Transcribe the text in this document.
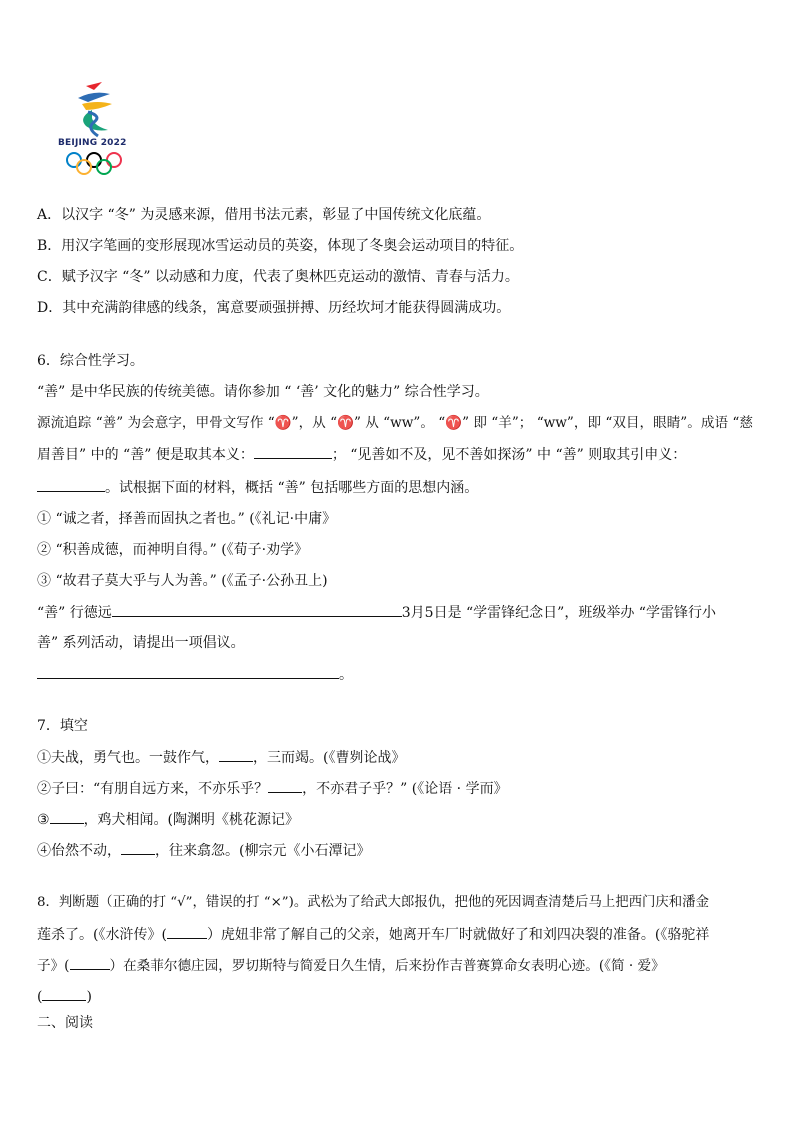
BEIJING 2022
A．以汉字 “冬” 为灵感来源，借用书法元素，彰显了中国传统文化底蕴。
B．用汉字笔画的变形展现冰雪运动员的英姿，体现了冬奥会运动项目的特征。
C．赋予汉字 “冬” 以动感和力度，代表了奥林匹克运动的激情、青春与活力。
D．其中充满韵律感的线条，寓意要顽强拼搏、历经坎坷才能获得圆满成功。
6．综合性学习。
“善” 是中华民族的传统美德。请你参加 “ ‘善’ 文化的魅力” 综合性学习。
源流追踪 “善” 为会意字，甲骨文写作 “♈”，从 “♈” 从 “ww”。 “♈” 即 “羊”； “ww”，即 “双目，眼睛”。成语 “慈
眉善目” 中的 “善” 便是取其本义：	； “见善如不及，见不善如探汤” 中 “善” 则取其引申义：
。试根据下面的材料，概括 “善” 包括哪些方面的思想内涵。
① “诚之者，择善而固执之者也。” (《礼记·中庸》
② “积善成德，而神明自得。” (《荀子·劝学》
③ “故君子莫大乎与人为善。” (《孟子·公孙丑上)
“善” 行德远	3月5日是 “学雷锋纪念日”，班级举办 “学雷锋行小
善” 系列活动，请提出一项倡议。
。
7．填空
①夫战，勇气也。一鼓作气， ，三而竭。(《曹刿论战》
②子曰：“有朋自远方来，不亦乐乎？ ，不亦君子乎？” (《论语 · 学而》
③ ，鸡犬相闻。(陶渊明《桃花源记》
④佁然不动， ，往来翕忽。(柳宗元《小石潭记》
8．判断题（正确的打 “√”，错误的打 “×”)。武松为了给武大郎报仇，把他的死因调查清楚后马上把西门庆和潘金
莲杀了。(《水浒传》(	）虎妞非常了解自己的父亲，她离开车厂时就做好了和刘四决裂的准备。(《骆驼祥
子》(	）在桑菲尔德庄园，罗切斯特与简爱日久生情，后来扮作吉普赛算命女表明心迹。(《简 · 爱》
(	)
二、阅读
